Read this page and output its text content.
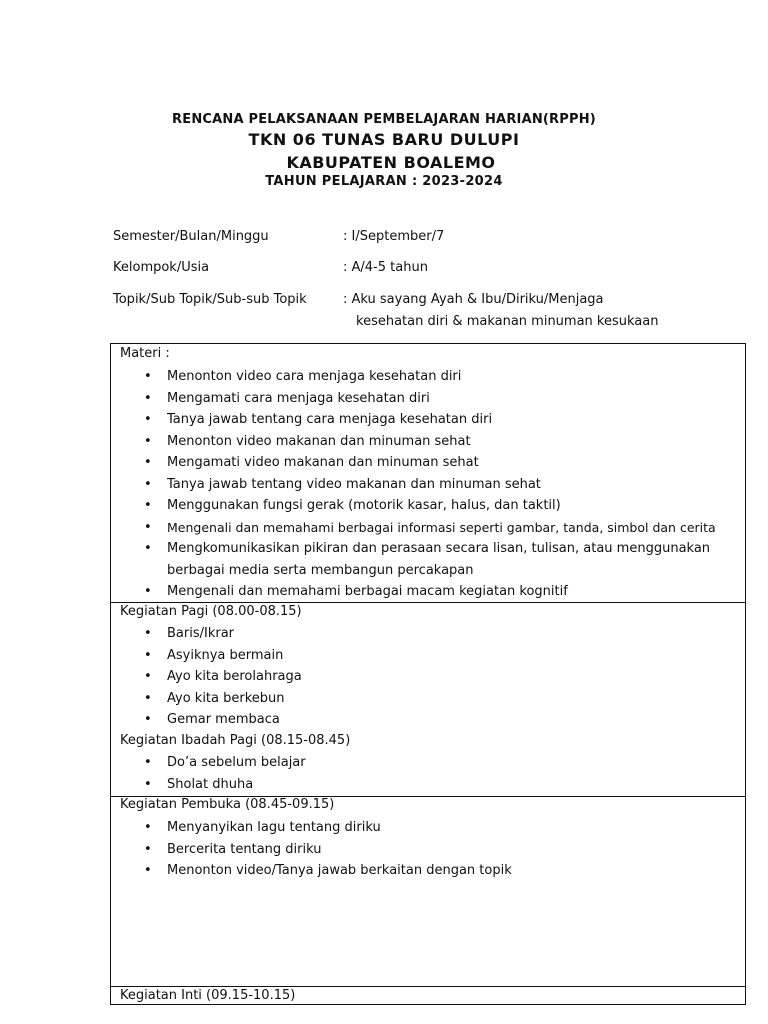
RENCANA PELAKSANAAN PEMBELAJARAN HARIAN(RPPH)
TKN 06 TUNAS BARU DULUPI
KABUPATEN BOALEMO
TAHUN PELAJARAN : 2023-2024
Semester/Bulan/Minggu	: I/September/7
Kelompok/Usia	: A/4-5 tahun
Topik/Sub Topik/Sub-sub Topik	: Aku sayang Ayah & Ibu/Diriku/Menjaga
kesehatan diri & makanan minuman kesukaan
Materi :
• Menonton video cara menjaga kesehatan diri
• Mengamati cara menjaga kesehatan diri
• Tanya jawab tentang cara menjaga kesehatan diri
• Menonton video makanan dan minuman sehat
• Mengamati video makanan dan minuman sehat
• Tanya jawab tentang video makanan dan minuman sehat
• Menggunakan fungsi gerak (motorik kasar, halus, dan taktil)
• Mengenali dan memahami berbagai informasi seperti gambar, tanda, simbol dan cerita
• Mengkomunikasikan pikiran dan perasaan secara lisan, tulisan, atau menggunakan berbagai media serta membangun percakapan
• Mengenali dan memahami berbagai macam kegiatan kognitif
Kegiatan Pagi (08.00-08.15)
• Baris/Ikrar
• Asyiknya bermain
• Ayo kita berolahraga
• Ayo kita berkebun
• Gemar membaca
Kegiatan Ibadah Pagi (08.15-08.45)
• Do’a sebelum belajar
• Sholat dhuha
Kegiatan Pembuka (08.45-09.15)
• Menyanyikan lagu tentang diriku
• Bercerita tentang diriku
• Menonton video/Tanya jawab berkaitan dengan topik
Kegiatan Inti (09.15-10.15)
